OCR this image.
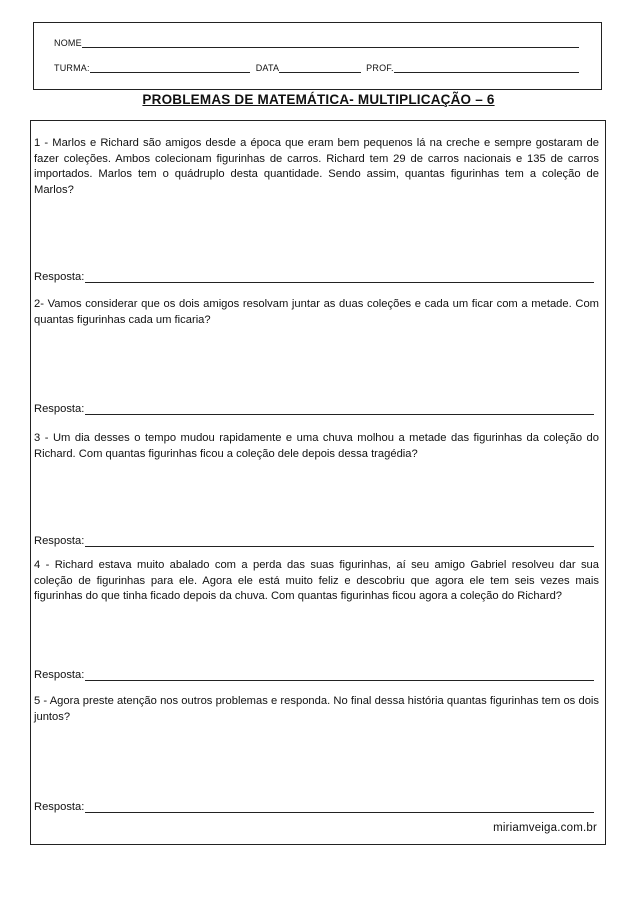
NOME
TURMA:	DATA	PROF.
PROBLEMAS DE MATEMÁTICA- MULTIPLICAÇÃO – 6
1 - Marlos e Richard são amigos desde a época que eram bem pequenos lá na creche e sempre gostaram de fazer coleções. Ambos colecionam figurinhas de carros. Richard tem 29 de carros nacionais e 135 de carros importados. Marlos tem o quádruplo desta quantidade. Sendo assim, quantas figurinhas tem a coleção de Marlos?
Resposta:
2- Vamos considerar que os dois amigos resolvam juntar as duas coleções e cada um ficar com a metade. Com quantas figurinhas cada um ficaria?
Resposta:
3 - Um dia desses o tempo mudou rapidamente e uma chuva molhou a metade das figurinhas da coleção do Richard. Com quantas figurinhas ficou a coleção dele depois dessa tragédia?
Resposta:
4 - Richard estava muito abalado com a perda das suas figurinhas, aí seu amigo Gabriel resolveu dar sua coleção de figurinhas para ele. Agora ele está muito feliz e descobriu que agora ele tem seis vezes mais figurinhas do que tinha ficado depois da chuva. Com quantas figurinhas ficou agora a coleção do Richard?
Resposta:
5 - Agora preste atenção nos outros problemas e responda. No final dessa história quantas figurinhas tem os dois juntos?
Resposta:
miriamveiga.com.br
